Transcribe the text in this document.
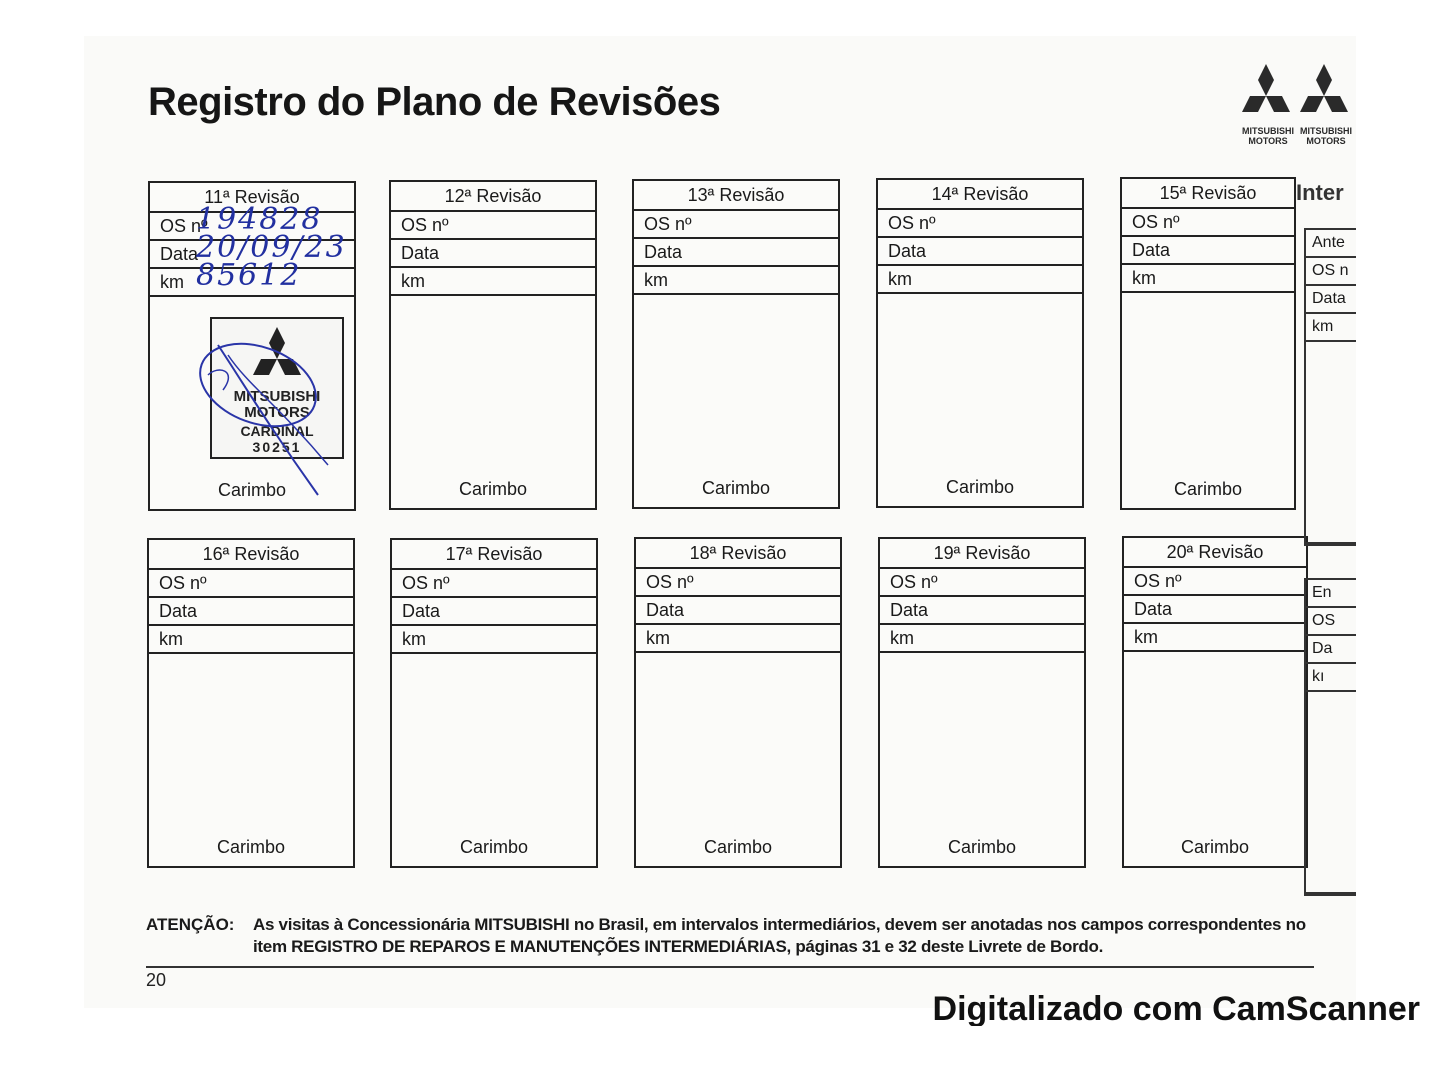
Registro do Plano de Revisões
MITSUBISHI MOTORS
MITSUBISHI MOTORS
11ª Revisão
OS nº
194828
Data
20/09/23
km 85612
MITSUBISHI
MOTORS
CARDINAL
30251
Carimbo
12ª Revisão
OS nº
Data
km
Carimbo
13ª Revisão
OS nº
Data
km
Carimbo
14ª Revisão
OS nº
Data
km
Carimbo
15ª Revisão
OS nº
Data
km
Carimbo
16ª Revisão
OS nº
Data
km
Carimbo
17ª Revisão
OS nº
Data
km
Carimbo
18ª Revisão
OS nº
Data
km
Carimbo
19ª Revisão
OS nº
Data
km
Carimbo
20ª Revisão
OS nº
Data
km
Carimbo
Inter
Ante
OS n
Data
km
En
OS
Da
kı
ATENÇÃO: As visitas à Concessionária MITSUBISHI no Brasil, em intervalos intermediários, devem ser anotadas nos campos correspondentes no item REGISTRO DE REPAROS E MANUTENÇÕES INTERMEDIÁRIAS, páginas 31 e 32 deste Livrete de Bordo.
20
Digitalizado com CamScanner
